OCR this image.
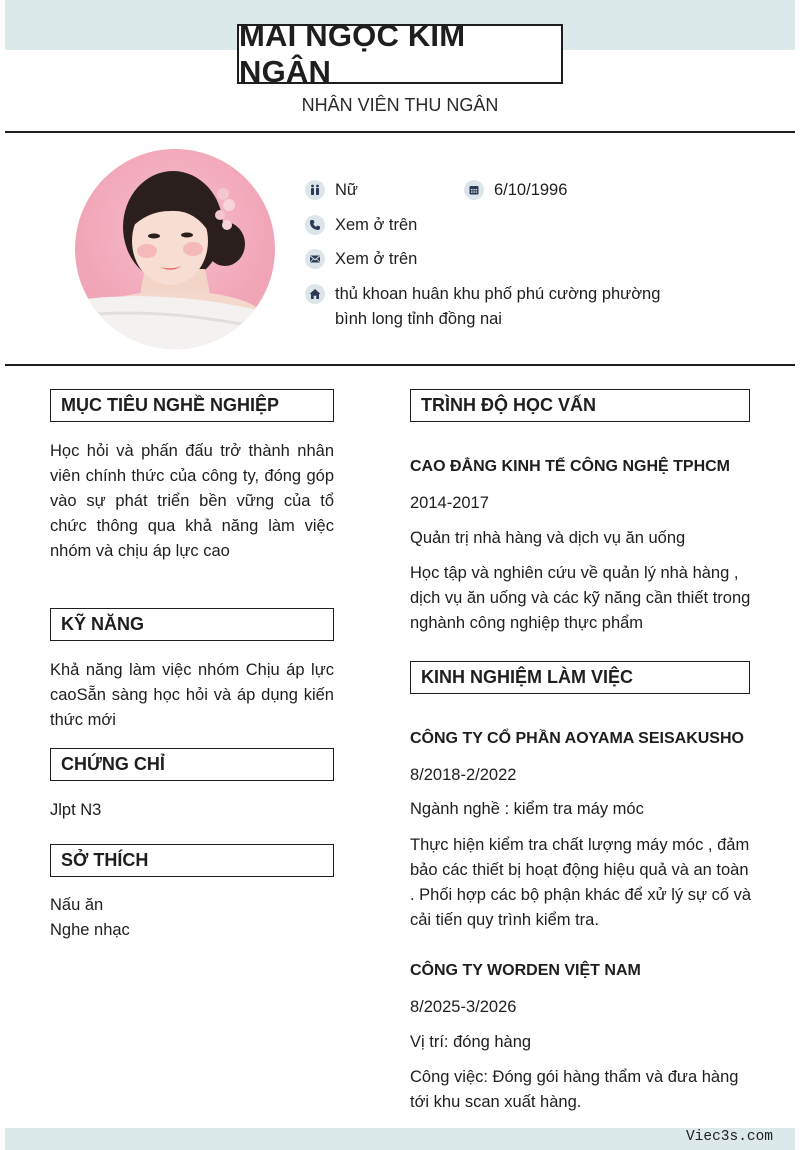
MAI NGỌC KIM NGÂN
NHÂN VIÊN THU NGÂN
Nữ	6/10/1996
Xem ở trên
Xem ở trên
thủ khoan huân khu phố phú cường phường
bình long tỉnh đồng nai
MỤC TIÊU NGHỀ NGHIỆP
Học hỏi và phấn đấu trở thành nhân viên chính thức của công ty, đóng góp vào sự phát triển bền vững của tổ chức thông qua khả năng làm việc nhóm và chịu áp lực cao
KỸ NĂNG
Khả năng làm việc nhóm Chịu áp lực caoSẵn sàng học hỏi và áp dụng kiến thức mới
CHỨNG CHỈ
Jlpt N3
SỞ THÍCH
Nấu ăn
Nghe nhạc
TRÌNH ĐỘ HỌC VẤN
CAO ĐẲNG KINH TẾ CÔNG NGHỆ TPHCM
2014-2017
Quản trị nhà hàng và dịch vụ ăn uống
Học tập và nghiên cứu về quản lý nhà hàng , dịch vụ ăn uống và các kỹ năng cần thiết trong nghành công nghiệp thực phẩm
KINH NGHIỆM LÀM VIỆC
CÔNG TY CỔ PHẦN AOYAMA SEISAKUSHO
8/2018-2/2022
Ngành nghề : kiểm tra máy móc
Thực hiện kiểm tra chất lượng máy móc , đảm bảo các thiết bị hoạt động hiệu quả và an toàn . Phối hợp các bộ phận khác để xử lý sự cố và cải tiến quy trình kiểm tra.
CÔNG TY WORDEN VIỆT NAM
8/2025-3/2026
Vị trí: đóng hàng
Công việc: Đóng gói hàng thẩm và đưa hàng tới khu scan xuất hàng.
Viec3s.com
